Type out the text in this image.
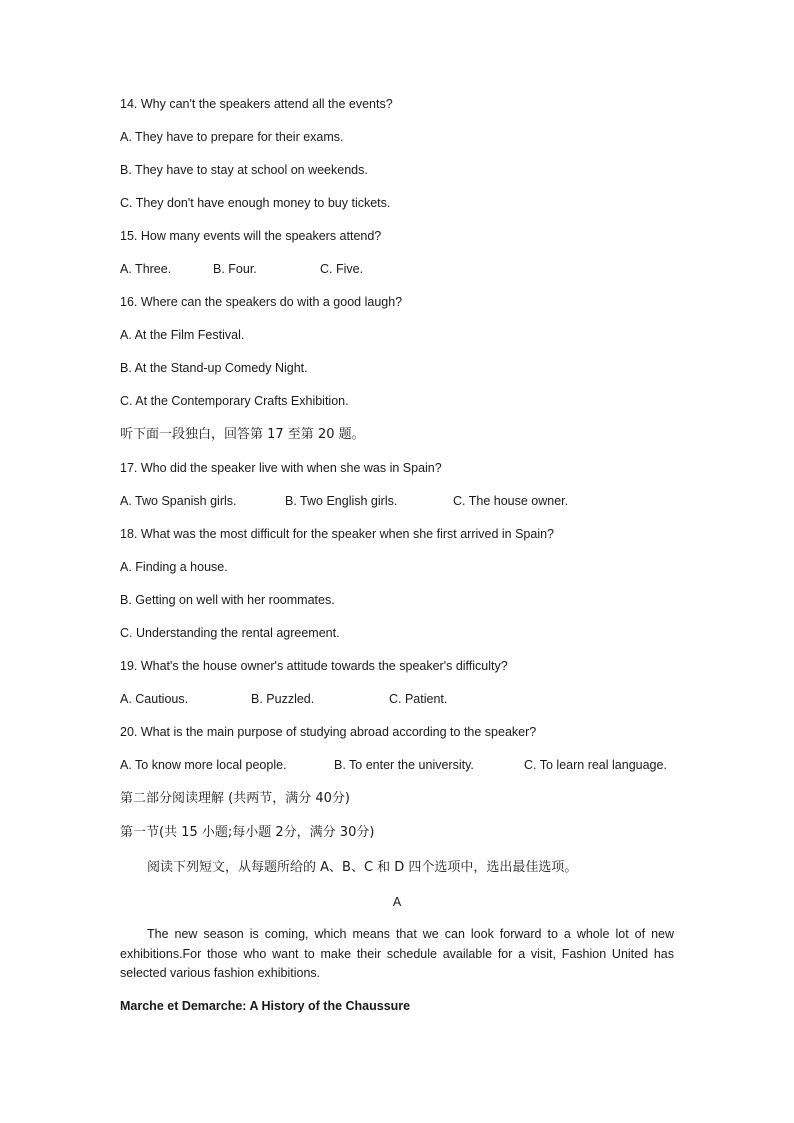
14. Why can't the speakers attend all the events?
A. They have to prepare for their exams.
B. They have to stay at school on weekends.
C. They don't have enough money to buy tickets.
15. How many events will the speakers attend?
A. Three.	B. Four.	C. Five.
16. Where can the speakers do with a good laugh?
A. At the Film Festival.
B. At the Stand-up Comedy Night.
C. At the Contemporary Crafts Exhibition.
听下面一段独白，回答第 17 至第 20 题。
17. Who did the speaker live with when she was in Spain?
A. Two Spanish girls.	B. Two English girls.	C. The house owner.
18. What was the most difficult for the speaker when she first arrived in Spain?
A. Finding a house.
B. Getting on well with her roommates.
C. Understanding the rental agreement.
19. What's the house owner's attitude towards the speaker's difficulty?
A. Cautious.	B. Puzzled.	C. Patient.
20. What is the main purpose of studying abroad according to the speaker?
A. To know more local people.	B. To enter the university.	C. To learn real language.
第二部分阅读理解 (共两节，满分 40分)
第一节(共 15 小题;每小题 2分，满分 30分)
阅读下列短文，从每题所给的 A、B、C 和 D 四个选项中，选出最佳选项。
A
The new season is coming, which means that we can look forward to a whole lot of new exhibitions.For those who want to make their schedule available for a visit, Fashion United has selected various fashion exhibitions.
Marche et Demarche: A History of the Chaussure
